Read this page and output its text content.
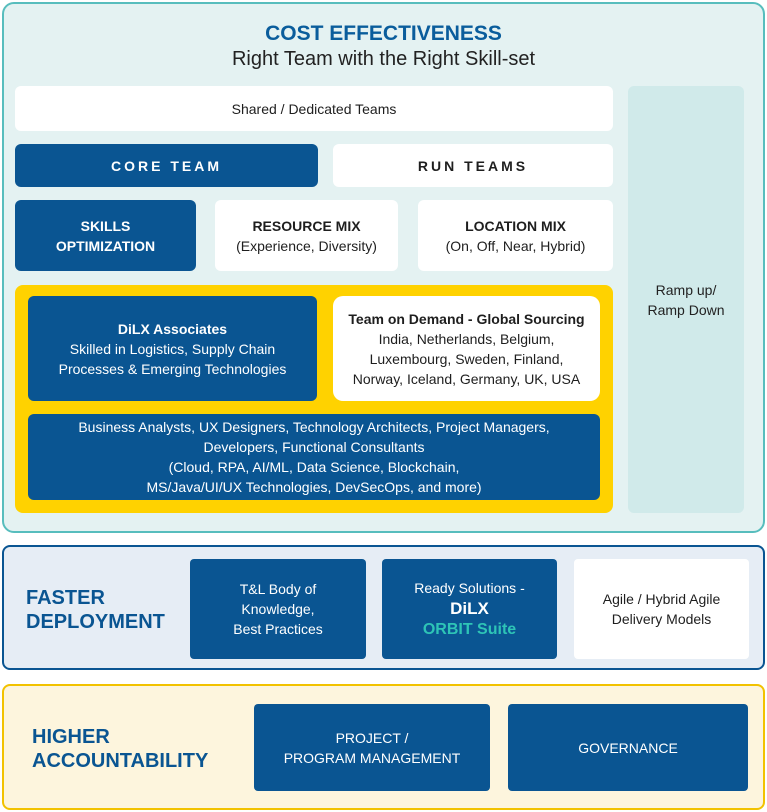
COST EFFECTIVENESS
Right Team with the Right Skill-set
Shared / Dedicated Teams
CORE TEAM	RUN TEAMS
SKILLS
OPTIMIZATION
RESOURCE MIX
(Experience, Diversity)
LOCATION MIX
(On, Off, Near, Hybrid)
DiLX Associates
Skilled in Logistics, Supply Chain
Processes & Emerging Technologies
Team on Demand - Global Sourcing
India, Netherlands, Belgium,
Luxembourg, Sweden, Finland,
Norway, Iceland, Germany, UK, USA
Business Analysts, UX Designers, Technology Architects, Project Managers,
Developers, Functional Consultants
(Cloud, RPA, AI/ML, Data Science, Blockchain,
MS/Java/UI/UX Technologies, DevSecOps, and more)
Ramp up/
Ramp Down
FASTER
DEPLOYMENT
T&L Body of
Knowledge,
Best Practices
Ready Solutions -
DiLX
ORBIT Suite
Agile / Hybrid Agile
Delivery Models
HIGHER
ACCOUNTABILITY
PROJECT /
PROGRAM MANAGEMENT
GOVERNANCE
